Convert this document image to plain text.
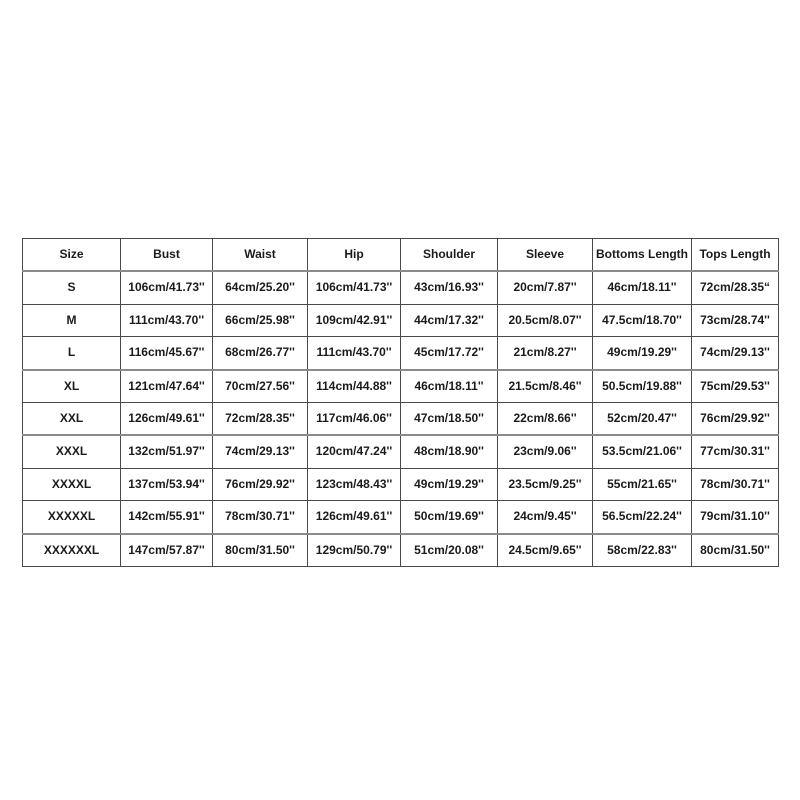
Size	Bust	Waist	Hip	Shoulder	Sleeve	Bottoms Length	Tops Length
S	106cm/41.73''	64cm/25.20''	106cm/41.73''	43cm/16.93''	20cm/7.87''	46cm/18.11''	72cm/28.35“
M	111cm/43.70''	66cm/25.98''	109cm/42.91''	44cm/17.32''	20.5cm/8.07''	47.5cm/18.70''	73cm/28.74''
L	116cm/45.67''	68cm/26.77''	111cm/43.70''	45cm/17.72''	21cm/8.27''	49cm/19.29''	74cm/29.13''
XL	121cm/47.64''	70cm/27.56''	114cm/44.88''	46cm/18.11''	21.5cm/8.46''	50.5cm/19.88''	75cm/29.53''
XXL	126cm/49.61''	72cm/28.35''	117cm/46.06''	47cm/18.50''	22cm/8.66''	52cm/20.47''	76cm/29.92''
XXXL	132cm/51.97''	74cm/29.13''	120cm/47.24''	48cm/18.90''	23cm/9.06''	53.5cm/21.06''	77cm/30.31''
XXXXL	137cm/53.94''	76cm/29.92''	123cm/48.43''	49cm/19.29''	23.5cm/9.25''	55cm/21.65''	78cm/30.71''
XXXXXL	142cm/55.91''	78cm/30.71''	126cm/49.61''	50cm/19.69''	24cm/9.45''	56.5cm/22.24''	79cm/31.10''
XXXXXXL	147cm/57.87''	80cm/31.50''	129cm/50.79''	51cm/20.08''	24.5cm/9.65''	58cm/22.83''	80cm/31.50''
